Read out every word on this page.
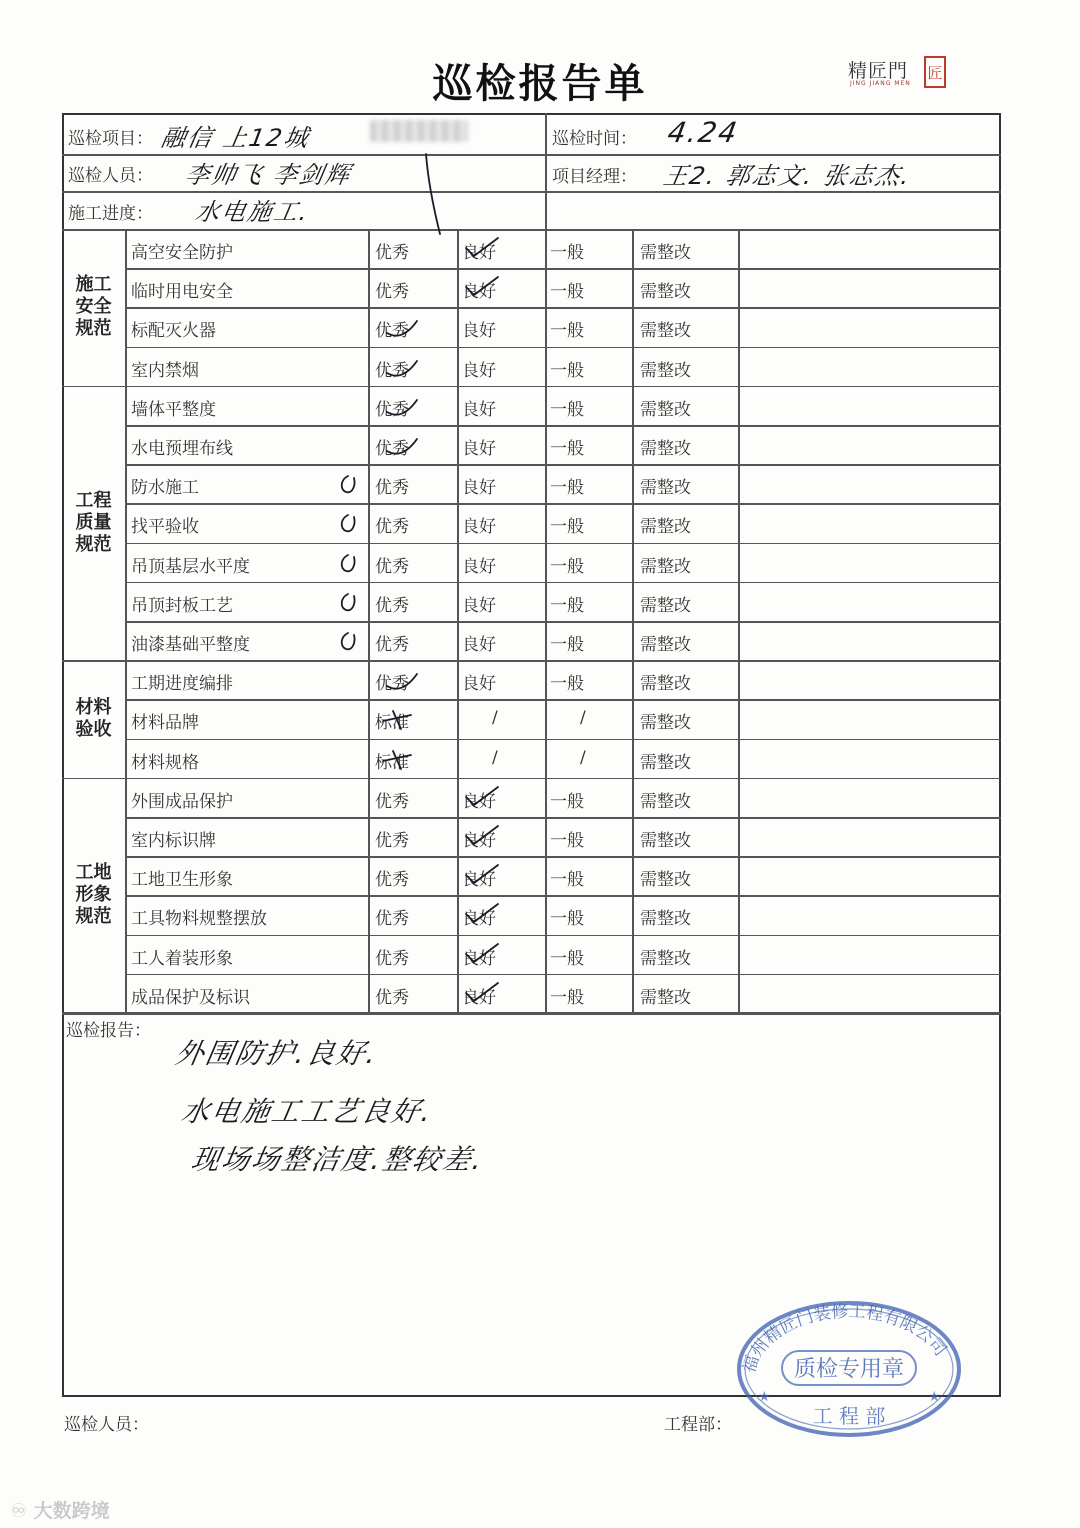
巡检报告单	精匠門
JING JIANG MEN
匠
巡检项目： 融信 上12城	巡检时间： 4.24
巡检人员： 李帅飞 李剑辉	项目经理： 王2. 郭志文. 张志杰.
施工进度： 水电施工.
施工
安全
规范
高空安全防护	优秀	良好	一般	需整改
临时用电安全	优秀	良好	一般	需整改
标配灭火器	优秀	良好	一般	需整改
室内禁烟	优秀	良好	一般	需整改
工程
质量
规范
墙体平整度	优秀	良好	一般	需整改
水电预埋布线	优秀	良好	一般	需整改
防水施工	优秀	良好	一般	需整改
找平验收	优秀	良好	一般	需整改
吊顶基层水平度	优秀	良好	一般	需整改
吊顶封板工艺	优秀	良好	一般	需整改
油漆基础平整度	优秀	良好	一般	需整改
材料
验收
工期进度编排	优秀	良好	一般	需整改
材料品牌	标准	/	/	需整改
材料规格	标准	/	/	需整改
工地
形象
规范
外围成品保护	优秀	良好	一般	需整改
室内标识牌	优秀	良好	一般	需整改
工地卫生形象	优秀	良好	一般	需整改
工具物料规整摆放	优秀	良好	一般	需整改
工人着装形象	优秀	良好	一般	需整改
成品保护及标识	优秀	良好	一般	需整改
巡检报告：
外围防护.良好.
水电施工工艺良好.
现场场整洁度.整较差.
福州精匠门装修工程有限公司
质检专用章
工 程 部
★	★
巡检人员：	工程部：
♾ 大数跨境
